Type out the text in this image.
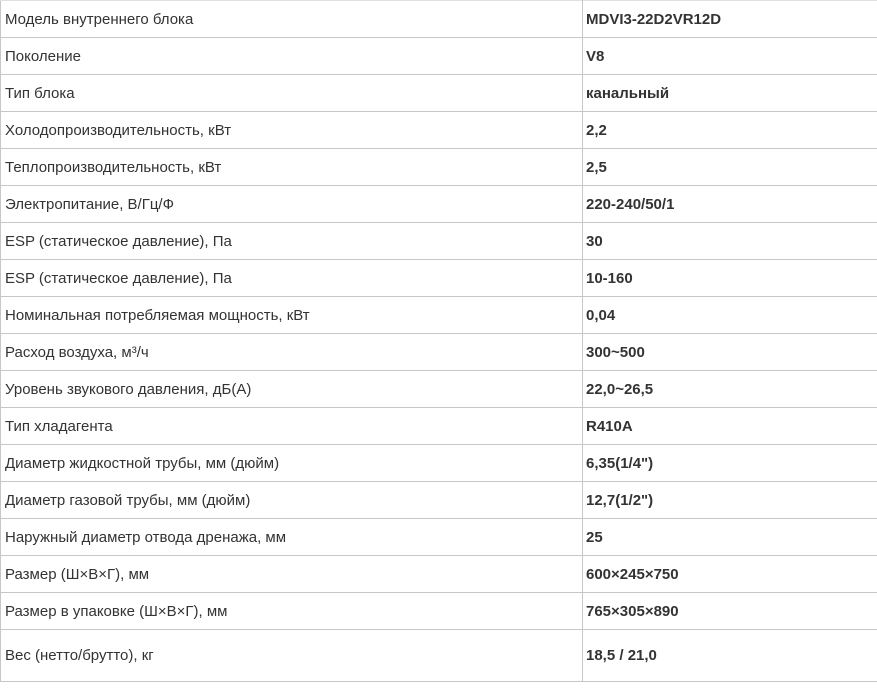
Модель внутреннего блока	MDVI3-22D2VR12D
Поколение	V8
Тип блока	канальный
Холодопроизводительность, кВт	2,2
Теплопроизводительность, кВт	2,5
Электропитание, В/Гц/Ф	220-240/50/1
ESP (статическое давление), Па	30
ESP (статическое давление), Па	10-160
Номинальная потребляемая мощность, кВт	0,04
Расход воздуха, м³/ч	300~500
Уровень звукового давления, дБ(А)	22,0~26,5
Тип хладагента	R410A
Диаметр жидкостной трубы, мм (дюйм)	6,35(1/4")
Диаметр газовой трубы, мм (дюйм)	12,7(1/2")
Наружный диаметр отвода дренажа, мм	25
Размер (Ш×В×Г), мм	600×245×750
Размер в упаковке (Ш×В×Г), мм	765×305×890
Вес (нетто/брутто), кг	18,5 / 21,0
